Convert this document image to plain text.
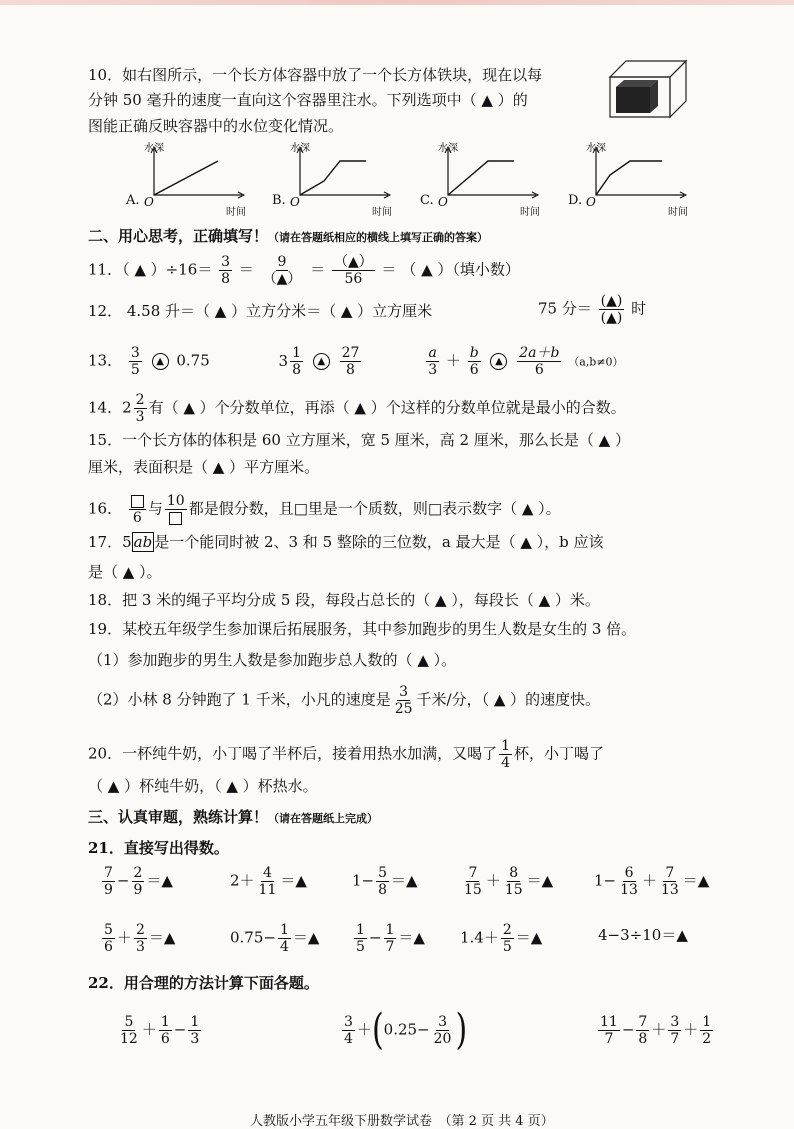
10．如右图所示，一个长方体容器中放了一个长方体铁块，现在以每
分钟 50 毫升的速度一直向这个容器里注水。下列选项中（ ▲ ）的
图能正确反映容器中的水位变化情况。
水深
时间
O
A.
水深
时间
O
B.
水深
时间
O
C.
水深
时间
O
D.
二、用心思考，正确填写！（请在答题纸相应的横线上填写正确的答案）
11．（ ▲ ）$\div 16= \frac{3}{8} = 9$
（▲）
＝ （▲）
56
＝ （ ▲ ）（填小数）
12． 4.58 升＝（ ▲ ）立方分米＝（ ▲ ）立方厘米	75 分＝ (▲)
(▲)
时
13． $\frac{3}{5}$ ▲ 0.75	$3 \frac{1}{8}$ ▲ $\frac{27}{8}$
	$\frac{a}{3} + \frac{b}{6}$ ▲ $\frac{2a+b}{6} (a,b\ne 0)$
14．$2 \frac{2}{3}$ 有（ ▲ ）个分数单位，再添（ ▲ ）个这样的分数单位就是最小的合数。
15．一个长方体的体积是 60 立方厘米，宽 5 厘米，高 2 厘米，那么长是（ ▲ ）
厘米，表面积是（ ▲ ）平方厘米。
16．
6
与 10 都是假分数，且□里是一个质数，则□表示数字（ ▲ ）。
17．5 ab 是一个能同时被 2、3 和 5 整除的三位数，a 最大是（ ▲ ），b 应该
是（ ▲ ）。
18．把 3 米的绳子平均分成 5 段，每段占总长的（ ▲ ），每段长（ ▲ ）米。
19．某校五年级学生参加课后拓展服务，其中参加跑步的男生人数是女生的 3 倍。
（1）参加跑步的男生人数是参加跑步总人数的（ ▲ ）。
（2）小林 8 分钟跑了 1 千米，小凡的速度是 $\frac{3}{25}$ 千米/分，（ ▲ ）的速度快。
20．一杯纯牛奶，小丁喝了半杯后，接着用热水加满，又喝了 $\frac{1}{4}$ 杯，小丁喝了
（ ▲ ）杯纯牛奶，（ ▲ ）杯热水。
三、认真审题，熟练计算！（请在答题纸上完成）
21．直接写出得数。
$\frac{7}{9} - \frac{2}{9}$ ＝▲	$2+ \frac{4}{11}$ ＝▲	$1- \frac{5}{8}$ ＝▲	$\frac{7}{15} + \frac{8}{15}$ ＝▲	$1- \frac{6}{13} + \frac{7}{13}$ ＝▲
$\frac{5}{6} + \frac{2}{3}$ ＝▲	$0.75- \frac{1}{4}$ ＝▲ $\frac{1}{5} - \frac{1}{7}$ ＝▲ $1.4+ \frac{2}{5}$ ＝▲	4−3÷10＝▲
22．用合理的方法计算下面各题。
$\frac{5}{12} + \frac{1}{6} - \frac{1}{3}$	$\frac{3}{4} +(0.25- \frac{3}{20}$ )	$\frac{11}{7} - \frac{7}{8} + \frac{3}{7} + \frac{1}{2}$
人教版小学五年级下册数学试卷　（第 2 页 共 4 页）
